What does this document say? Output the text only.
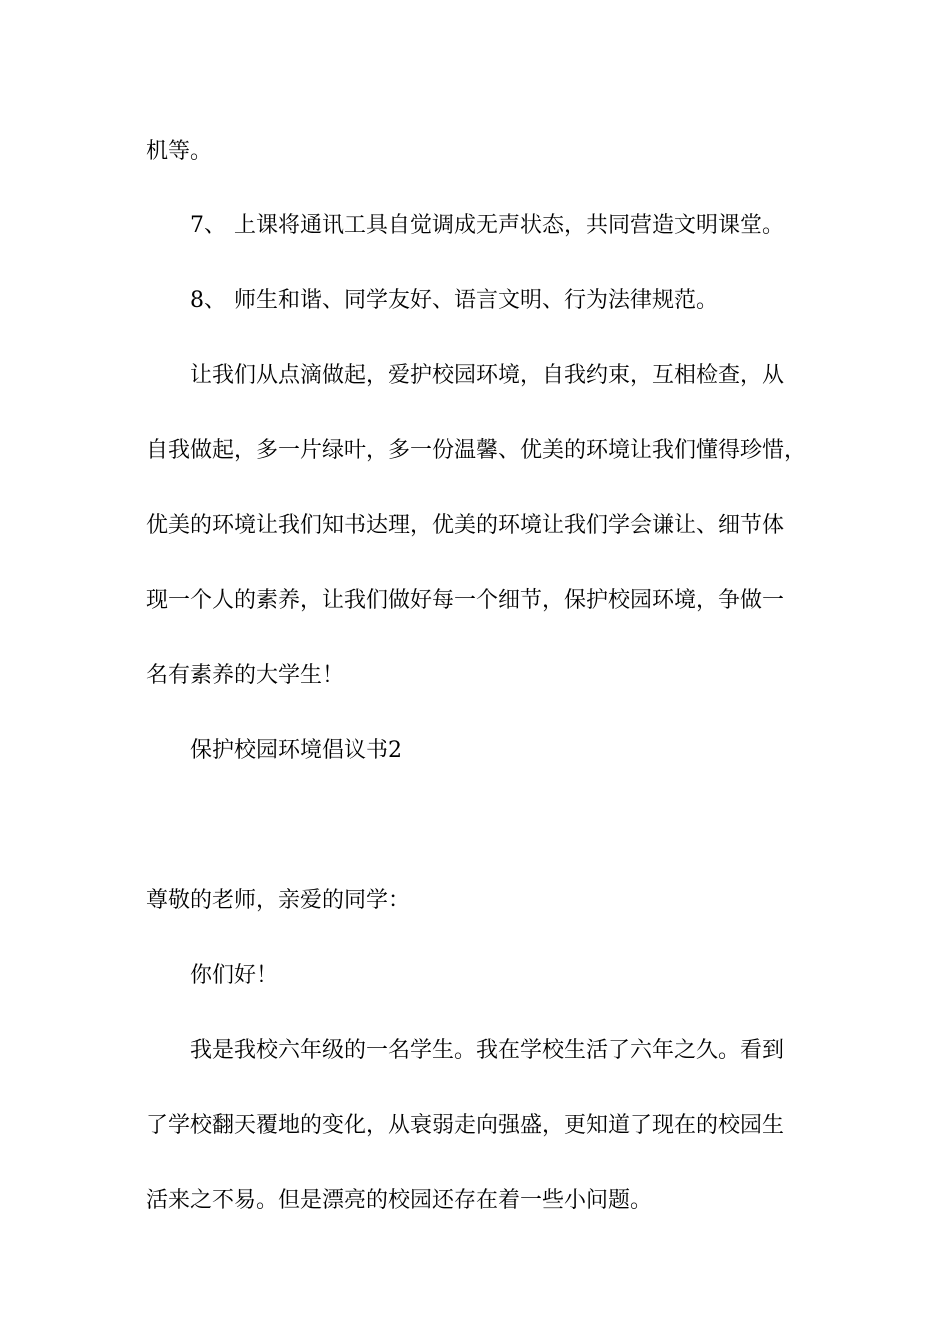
机等。
7、 上课将通讯工具自觉调成无声状态，共同营造文明课堂。
8、 师生和谐、同学友好、语言文明、行为法律规范。
让我们从点滴做起，爱护校园环境，自我约束，互相检查，从
自我做起，多一片绿叶，多一份温馨、优美的环境让我们懂得珍惜，
优美的环境让我们知书达理，优美的环境让我们学会谦让、细节体
现一个人的素养，让我们做好每一个细节，保护校园环境，争做一
名有素养的大学生！
保护校园环境倡议书2
尊敬的老师，亲爱的同学：
你们好！
我是我校六年级的一名学生。我在学校生活了六年之久。看到
了学校翻天覆地的变化，从衰弱走向强盛，更知道了现在的校园生
活来之不易。但是漂亮的校园还存在着一些小问题。
